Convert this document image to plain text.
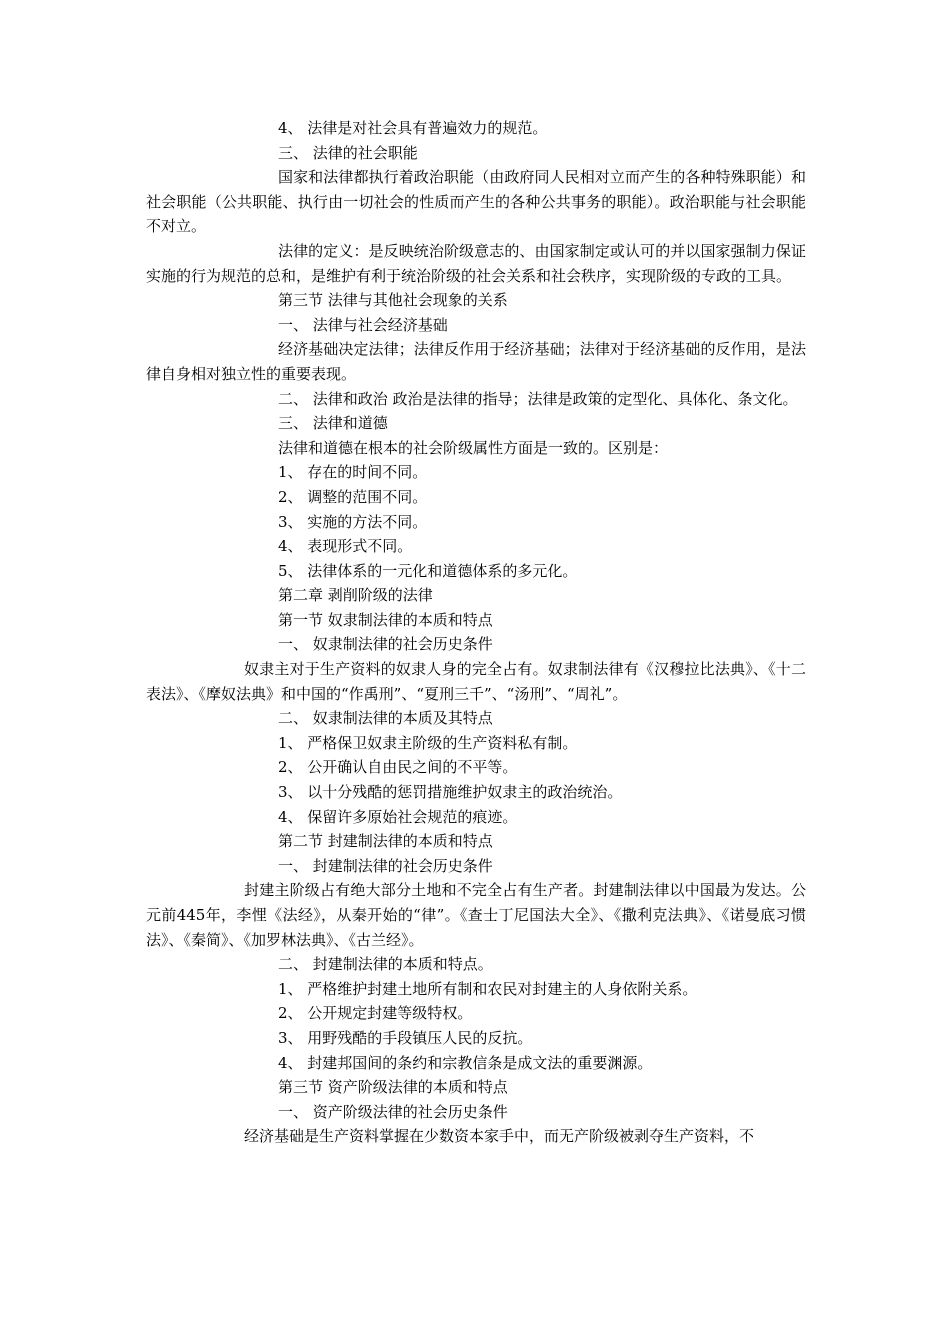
4、 法律是对社会具有普遍效力的规范。

三、 法律的社会职能

国家和法律都执行着政治职能（由政府同人民相对立而产生的各种特殊职能）和社会职能（公共职能、执行由一切社会的性质而产生的各种公共事务的职能）。政治职能与社会职能不对立。

法律的定义：是反映统治阶级意志的、由国家制定或认可的并以国家强制力保证实施的行为规范的总和，是维护有利于统治阶级的社会关系和社会秩序，实现阶级的专政的工具。

第三节 法律与其他社会现象的关系

一、 法律与社会经济基础

经济基础决定法律；法律反作用于经济基础；法律对于经济基础的反作用，是法律自身相对独立性的重要表现。

二、 法律和政治 政治是法律的指导；法律是政策的定型化、具体化、条文化。

三、 法律和道德

法律和道德在根本的社会阶级属性方面是一致的。区别是：

1、 存在的时间不同。

2、 调整的范围不同。

3、 实施的方法不同。

4、 表现形式不同。

5、 法律体系的一元化和道德体系的多元化。

第二章 剥削阶级的法律

第一节 奴隶制法律的本质和特点

一、 奴隶制法律的社会历史条件

奴隶主对于生产资料的奴隶人身的完全占有。奴隶制法律有《汉穆拉比法典》、《十二表法》、《摩奴法典》和中国的“作禹刑”、“夏刑三千”、“汤刑”、“周礼”。

二、 奴隶制法律的本质及其特点

1、 严格保卫奴隶主阶级的生产资料私有制。

2、 公开确认自由民之间的不平等。

3、 以十分残酷的惩罚措施维护奴隶主的政治统治。

4、 保留许多原始社会规范的痕迹。

第二节 封建制法律的本质和特点

一、 封建制法律的社会历史条件

封建主阶级占有绝大部分土地和不完全占有生产者。封建制法律以中国最为发达。公元前445年，李悝《法经》，从秦开始的“律”。《查士丁尼国法大全》、《撒利克法典》、《诺曼底习惯法》、《秦简》、《加罗林法典》、《古兰经》。

二、 封建制法律的本质和特点。

1、 严格维护封建土地所有制和农民对封建主的人身依附关系。

2、 公开规定封建等级特权。

3、 用野残酷的手段镇压人民的反抗。

4、 封建邦国间的条约和宗教信条是成文法的重要渊源。

第三节 资产阶级法律的本质和特点

一、 资产阶级法律的社会历史条件

经济基础是生产资料掌握在少数资本家手中，而无产阶级被剥夺生产资料，不
